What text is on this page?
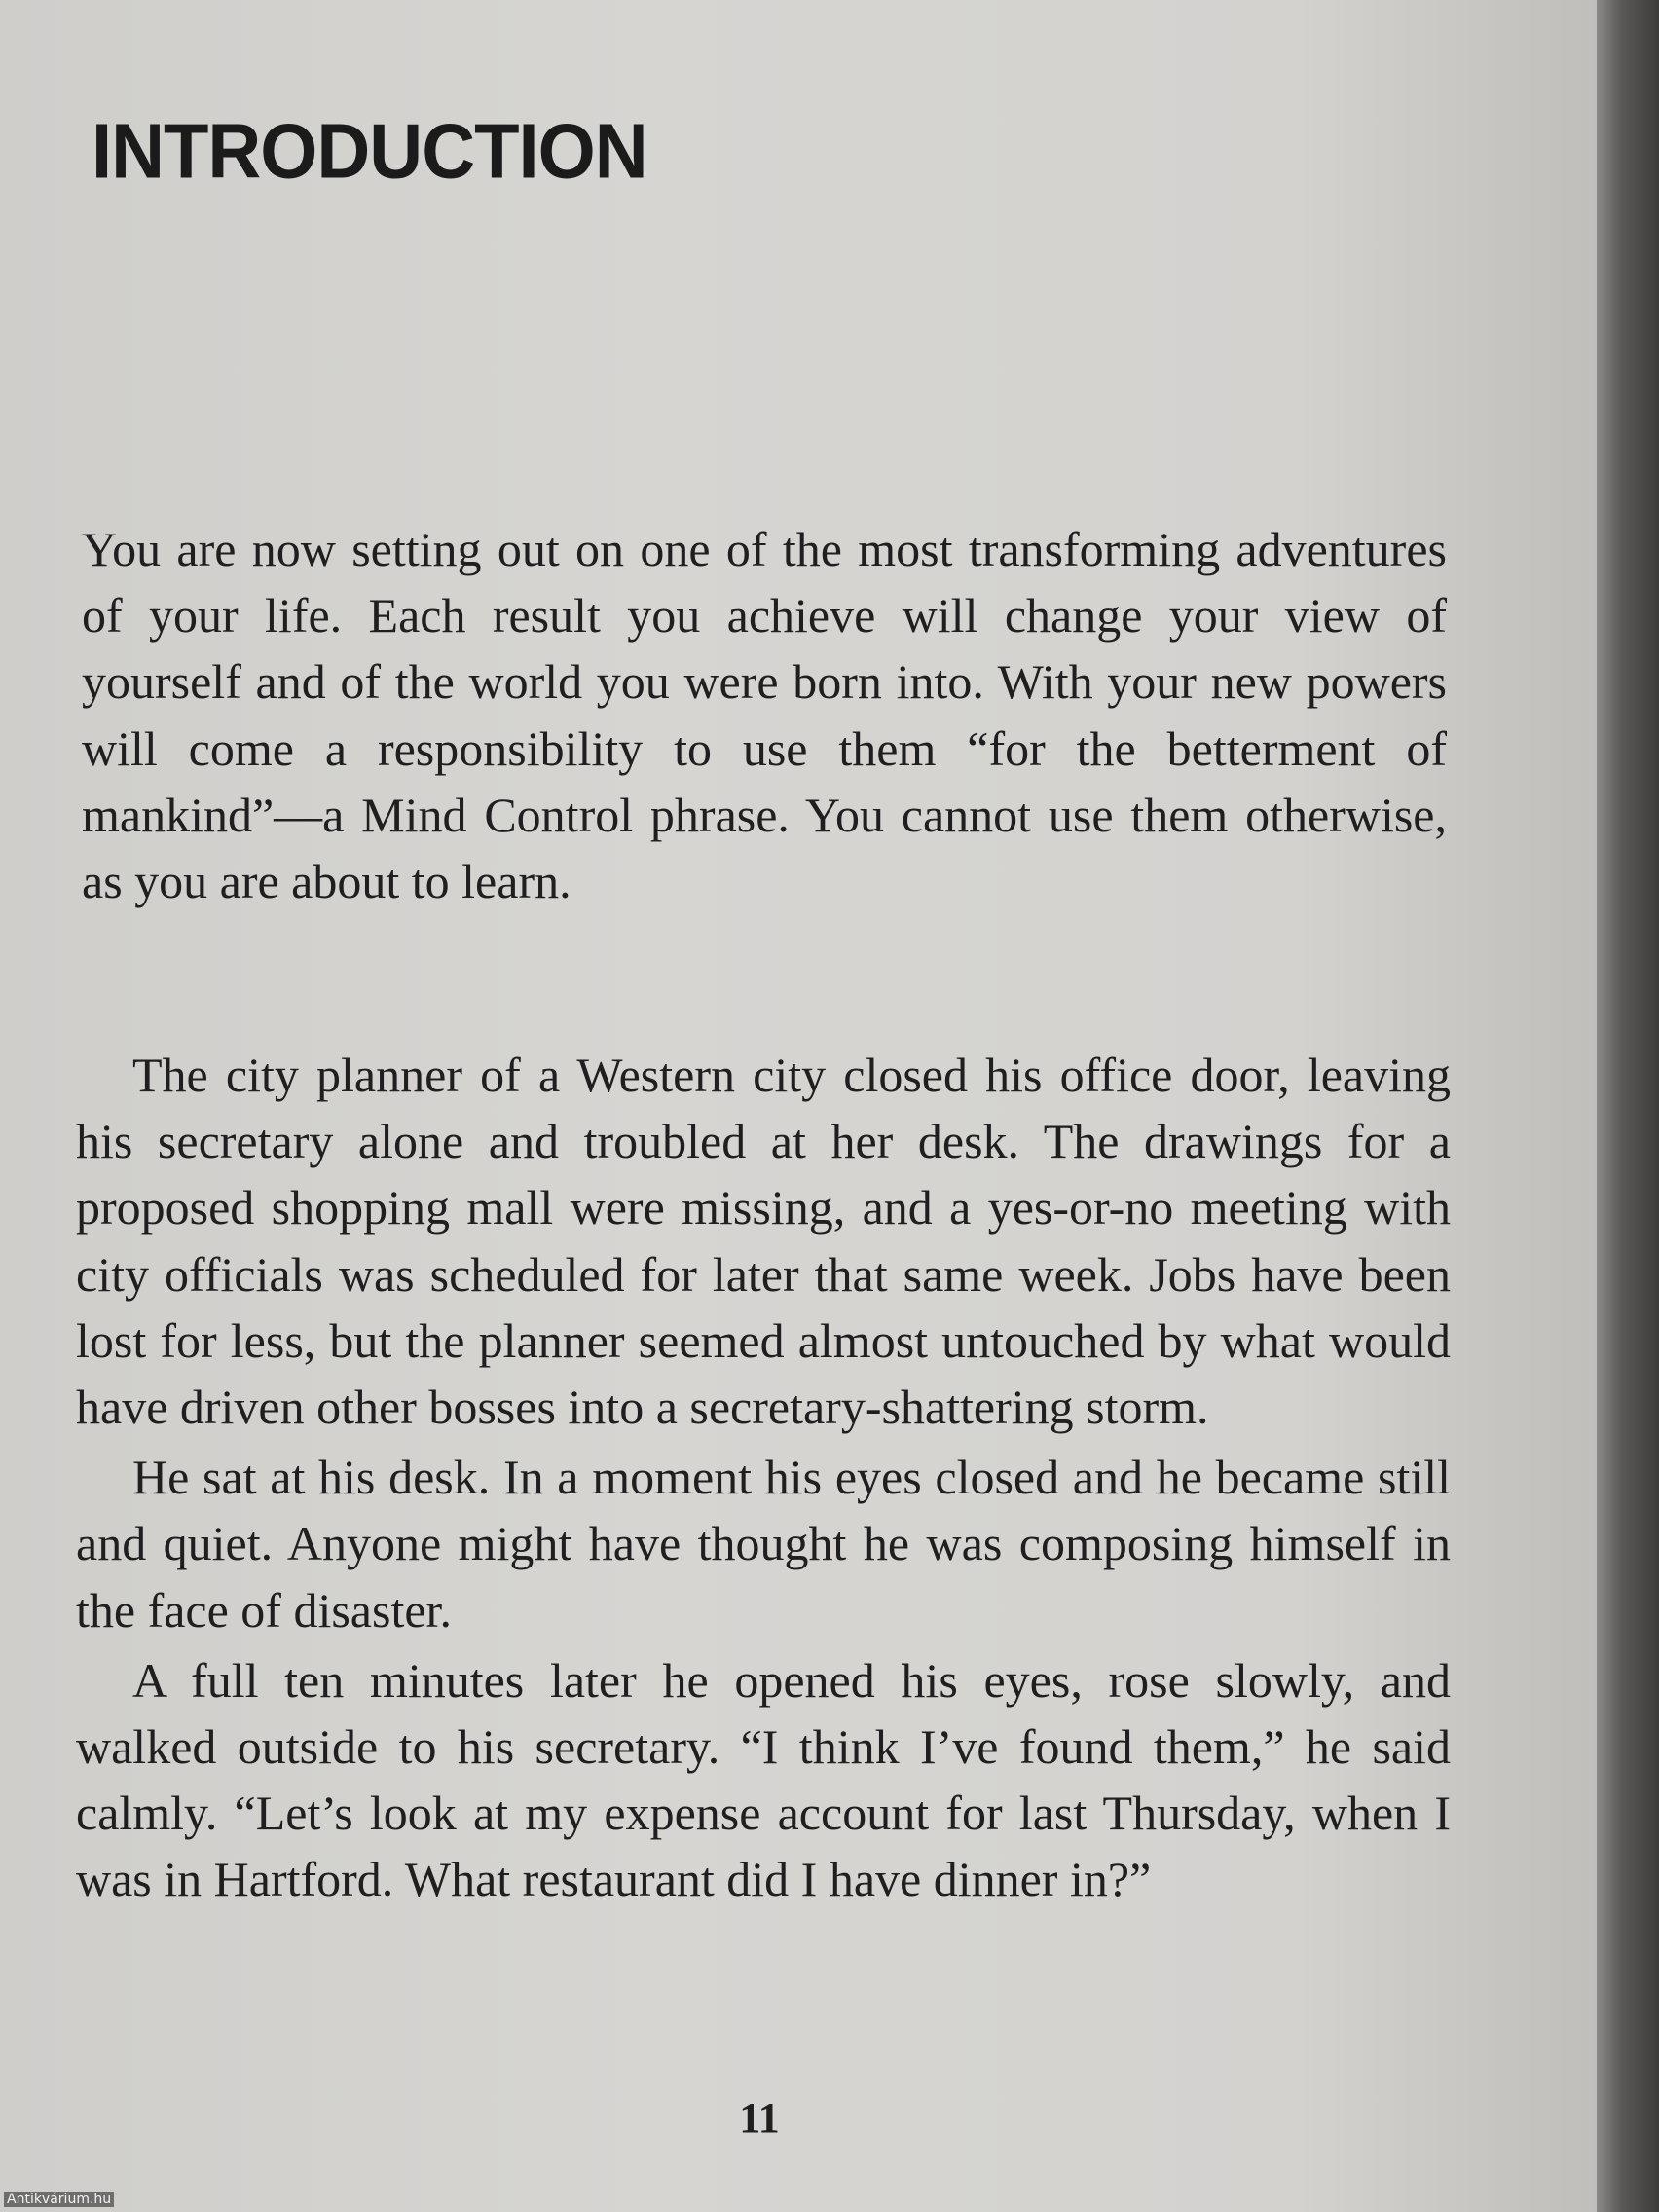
INTRODUCTION

You are now setting out on one of the most transforming adventures of your life. Each result you achieve will change your view of yourself and of the world you were born into. With your new powers will come a responsibility to use them “for the betterment of mankind”—a Mind Control phrase. You cannot use them otherwise, as you are about to learn.

The city planner of a Western city closed his office door, leaving his secretary alone and troubled at her desk. The drawings for a proposed shopping mall were missing, and a yes-or-no meeting with city officials was scheduled for later that same week. Jobs have been lost for less, but the planner seemed almost untouched by what would have driven other bosses into a secretary-shattering storm.

He sat at his desk. In a moment his eyes closed and he became still and quiet. Anyone might have thought he was composing himself in the face of disaster.

A full ten minutes later he opened his eyes, rose slowly, and walked outside to his secretary. “I think I’ve found them,” he said calmly. “Let’s look at my expense account for last Thursday, when I was in Hartford. What restaurant did I have dinner in?”

11
Antikvárium.hu
